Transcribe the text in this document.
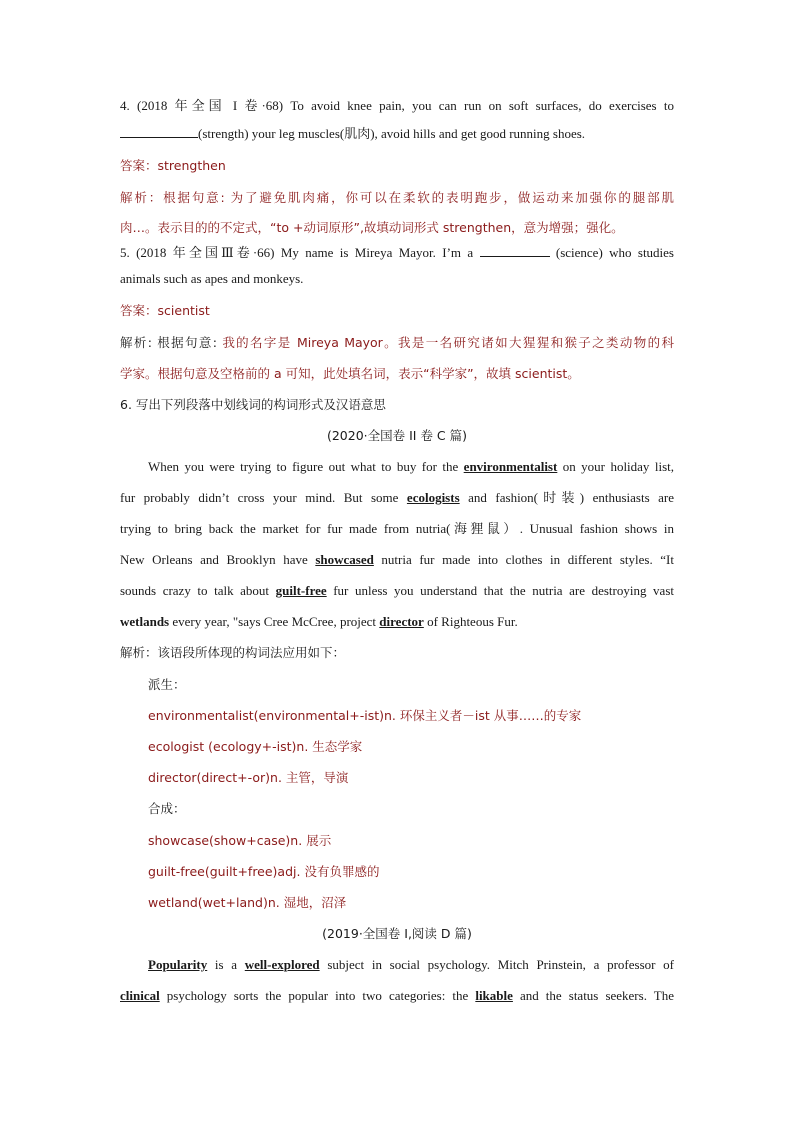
4. (2018 年全国 I 卷·68) To avoid knee pain, you can run on soft surfaces, do exercises to
(strength) your leg muscles(肌肉), avoid hills and get good running shoes.
答案：strengthen
解析：根据句意: 为了避免肌肉痛，你可以在柔软的表明跑步，做运动来加强你的腿部肌
肉…。表示目的的不定式，“to +动词原形”,故填动词形式 strengthen，意为增强；强化。
5. (2018 年全国Ⅲ卷·66) My name is Mireya Mayor. I’m a	(science) who studies
animals such as apes and monkeys.
答案：scientist
解析: 根据句意: 我的名字是 Mireya Mayor。我是一名研究诸如大猩猩和猴子之类动物的科
学家。根据句意及空格前的 a 可知，此处填名词，表示“科学家”，故填 scientist。
6. 写出下列段落中划线词的构词形式及汉语意思
(2020·全国卷 II 卷 C 篇)
When you were trying to figure out what to buy for the environmentalist on your holiday list,
fur probably didn’t cross your mind. But some ecologists and fashion(时装) enthusiasts are
trying to bring back the market for fur made from nutria(海狸鼠）. Unusual fashion shows in
New Orleans and Brooklyn have showcased nutria fur made into clothes in different styles. “It
sounds crazy to talk about guilt-free fur unless you understand that the nutria are destroying vast
wetlands every year, "says Cree McCree, project director of Righteous Fur.
解析：该语段所体现的构词法应用如下：
派生：
environmentalist(environmental+-ist)n. 环保主义者－ist 从事……的专家
ecologist (ecology+-ist)n. 生态学家
director(direct+-or)n. 主管，导演
合成：
showcase(show+case)n. 展示
guilt-free(guilt+free)adj. 没有负罪感的
wetland(wet+land)n. 湿地，沼泽
(2019·全国卷 I,阅读 D 篇)
Popularity is a well-explored subject in social psychology. Mitch Prinstein, a professor of
clinical psychology sorts the popular into two categories: the likable and the status seekers. The
